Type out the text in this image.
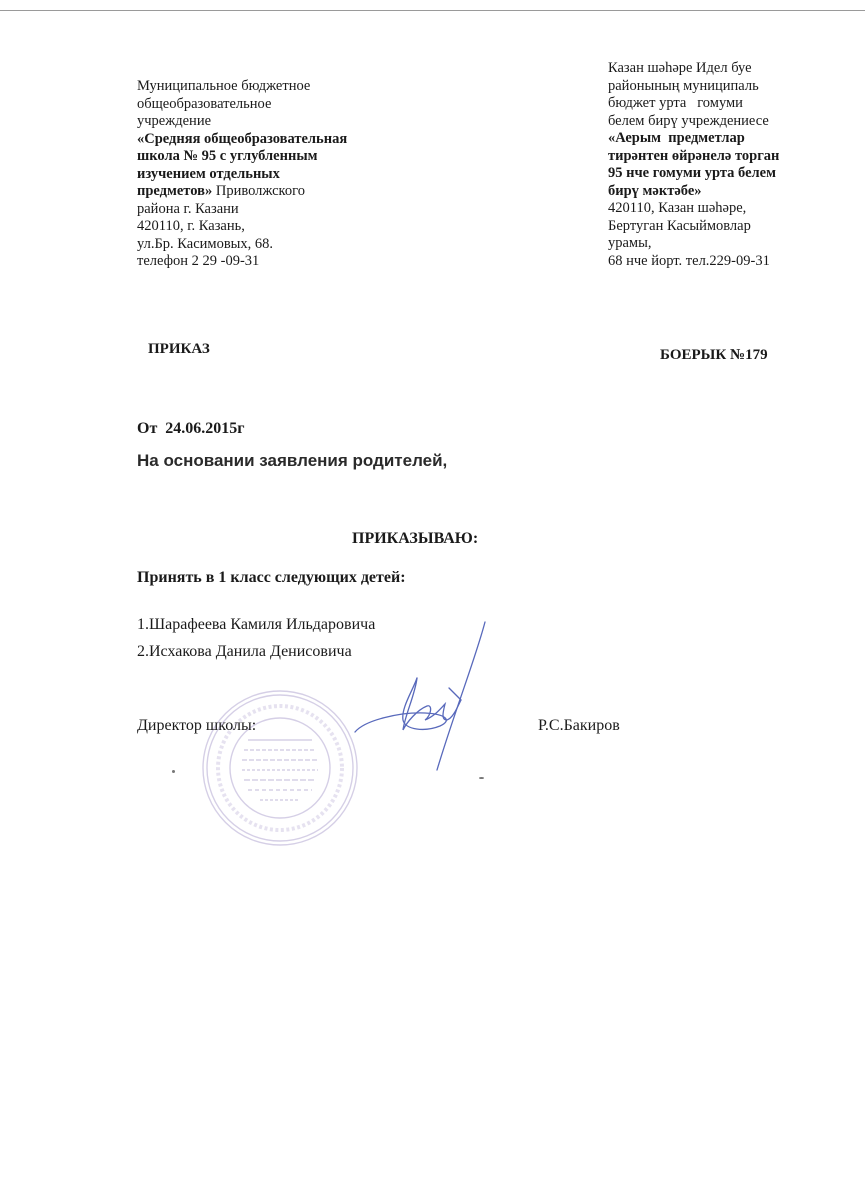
Муниципальное бюджетное
общеобразовательное
учреждение
«Средняя общеобразовательная
школа № 95 с углубленным
изучением отдельных
предметов» Приволжского
района г. Казани
420110, г. Казань,
ул.Бр. Касимовых, 68.
телефон 2 29 -09-31
Казан шәһәре Идел буе
районының муниципаль
бюджет урта   гомуми
белем бирү учреждениесе
«Аерым  предметлар
тирәнтен өйрәнелә торган
95 нче гомуми урта белем
бирү мәктәбе»
420110, Казан шәһәре,
Бертуган Касыймовлар
урамы,
68 нче йорт. тел.229-09-31
ПРИКАЗ	БОЕРЫК №179
От  24.06.2015г
На основании заявления родителей,
ПРИКАЗЫВАЮ:
Принять в 1 класс следующих детей:
1.Шарафеева Камиля Ильдаровича
2.Исхакова Данила Денисовича
Директор школы:	Р.С.Бакиров
